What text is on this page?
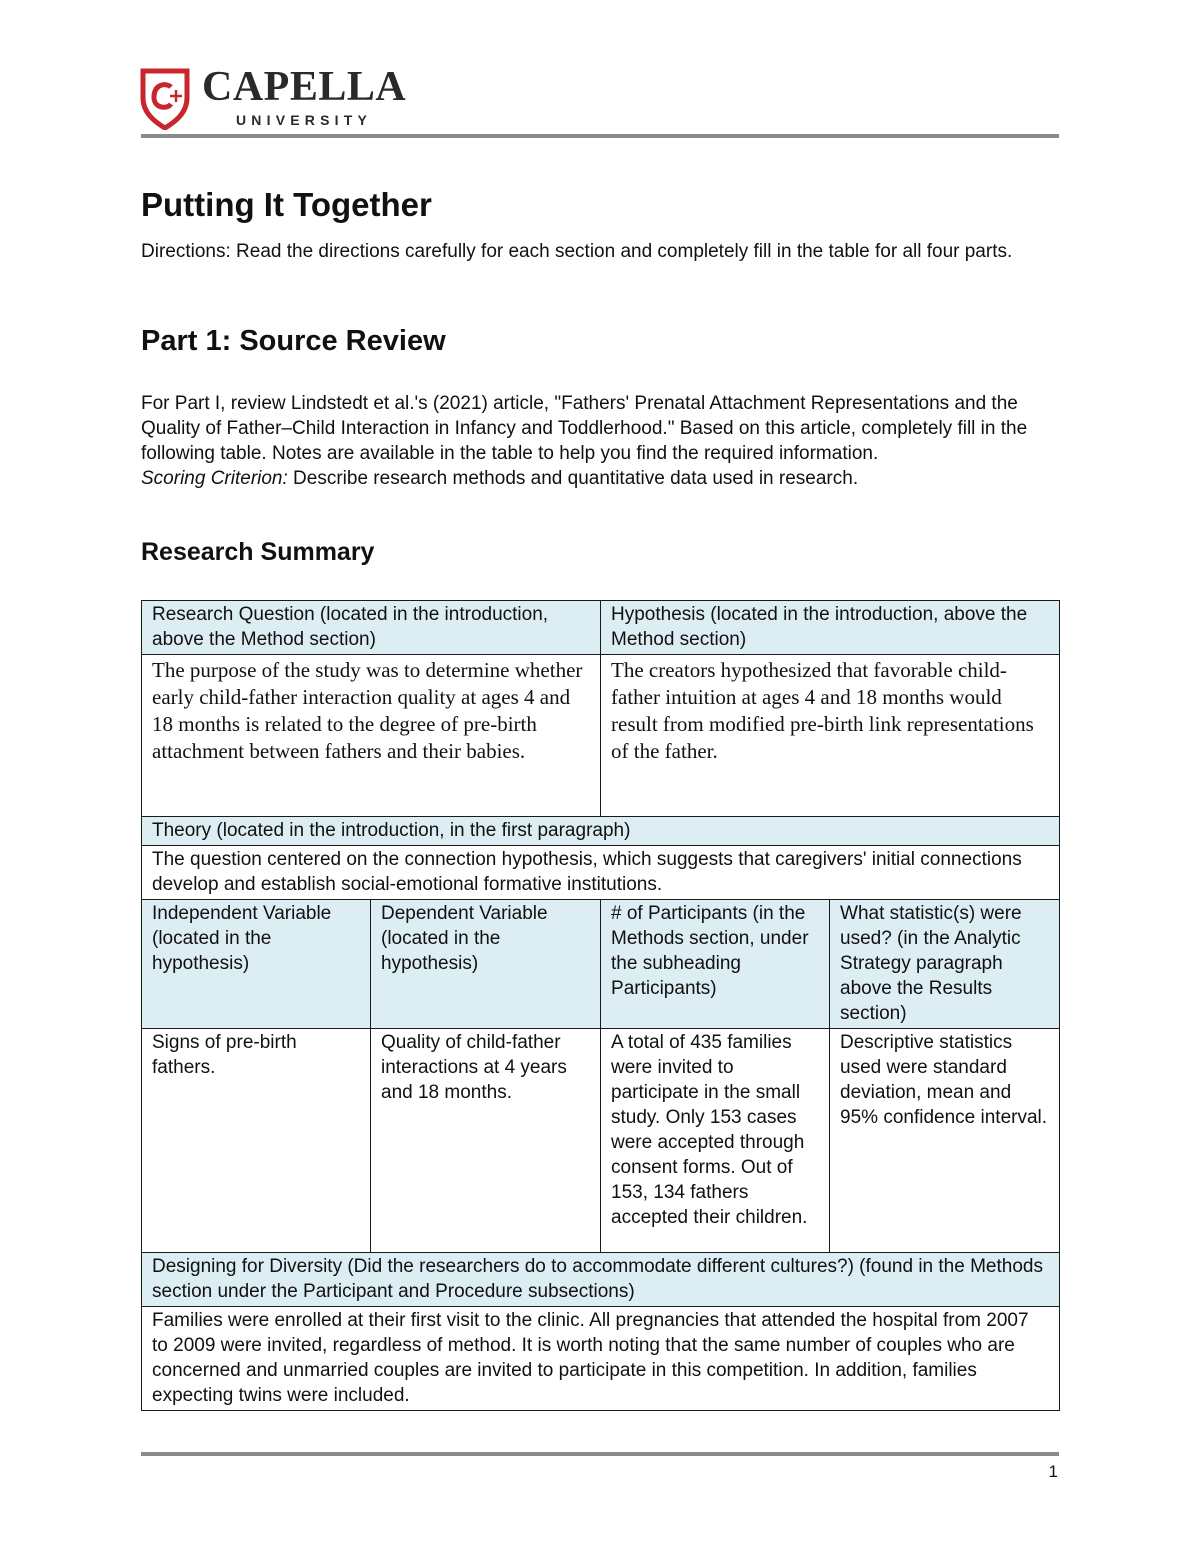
CAPELLA
UNIVERSITY
Putting It Together

Directions: Read the directions carefully for each section and completely fill in the table for all four parts.

Part 1: Source Review

For Part I, review Lindstedt et al.'s (2021) article, "Fathers' Prenatal Attachment Representations and the Quality of Father–Child Interaction in Infancy and Toddlerhood." Based on this article, completely fill in the following table. Notes are available in the table to help you find the required information.
Scoring Criterion: Describe research methods and quantitative data used in research.

Research Summary
Research Question (located in the introduction, above the Method section)		Hypothesis (located in the introduction, above the Method section)	
The purpose of the study was to determine whether early child-father interaction quality at ages 4 and 18 months is related to the degree of pre-birth attachment between fathers and their babies.		The creators hypothesized that favorable child-father intuition at ages 4 and 18 months would result from modified pre-birth link representations of the father.	
Theory (located in the introduction, in the first paragraph)			
The question centered on the connection hypothesis, which suggests that caregivers' initial connections develop and establish social-emotional formative institutions.			
Independent Variable (located in the hypothesis)	Dependent Variable (located in the hypothesis)	# of Participants (in the Methods section, under the subheading Participants)	What statistic(s) were used? (in the Analytic Strategy paragraph above the Results section)
Signs of pre-birth fathers.	Quality of child-father interactions at 4 years and 18 months.	A total of 435 families were invited to participate in the small study. Only 153 cases were accepted through consent forms. Out of 153, 134 fathers accepted their children.	Descriptive statistics used were standard deviation, mean and 95% confidence interval.
Designing for Diversity (Did the researchers do to accommodate different cultures?) (found in the Methods section under the Participant and Procedure subsections)			
Families were enrolled at their first visit to the clinic. All pregnancies that attended the hospital from 2007 to 2009 were invited, regardless of method. It is worth noting that the same number of couples who are concerned and unmarried couples are invited to participate in this competition. In addition, families expecting twins were included.			
1
